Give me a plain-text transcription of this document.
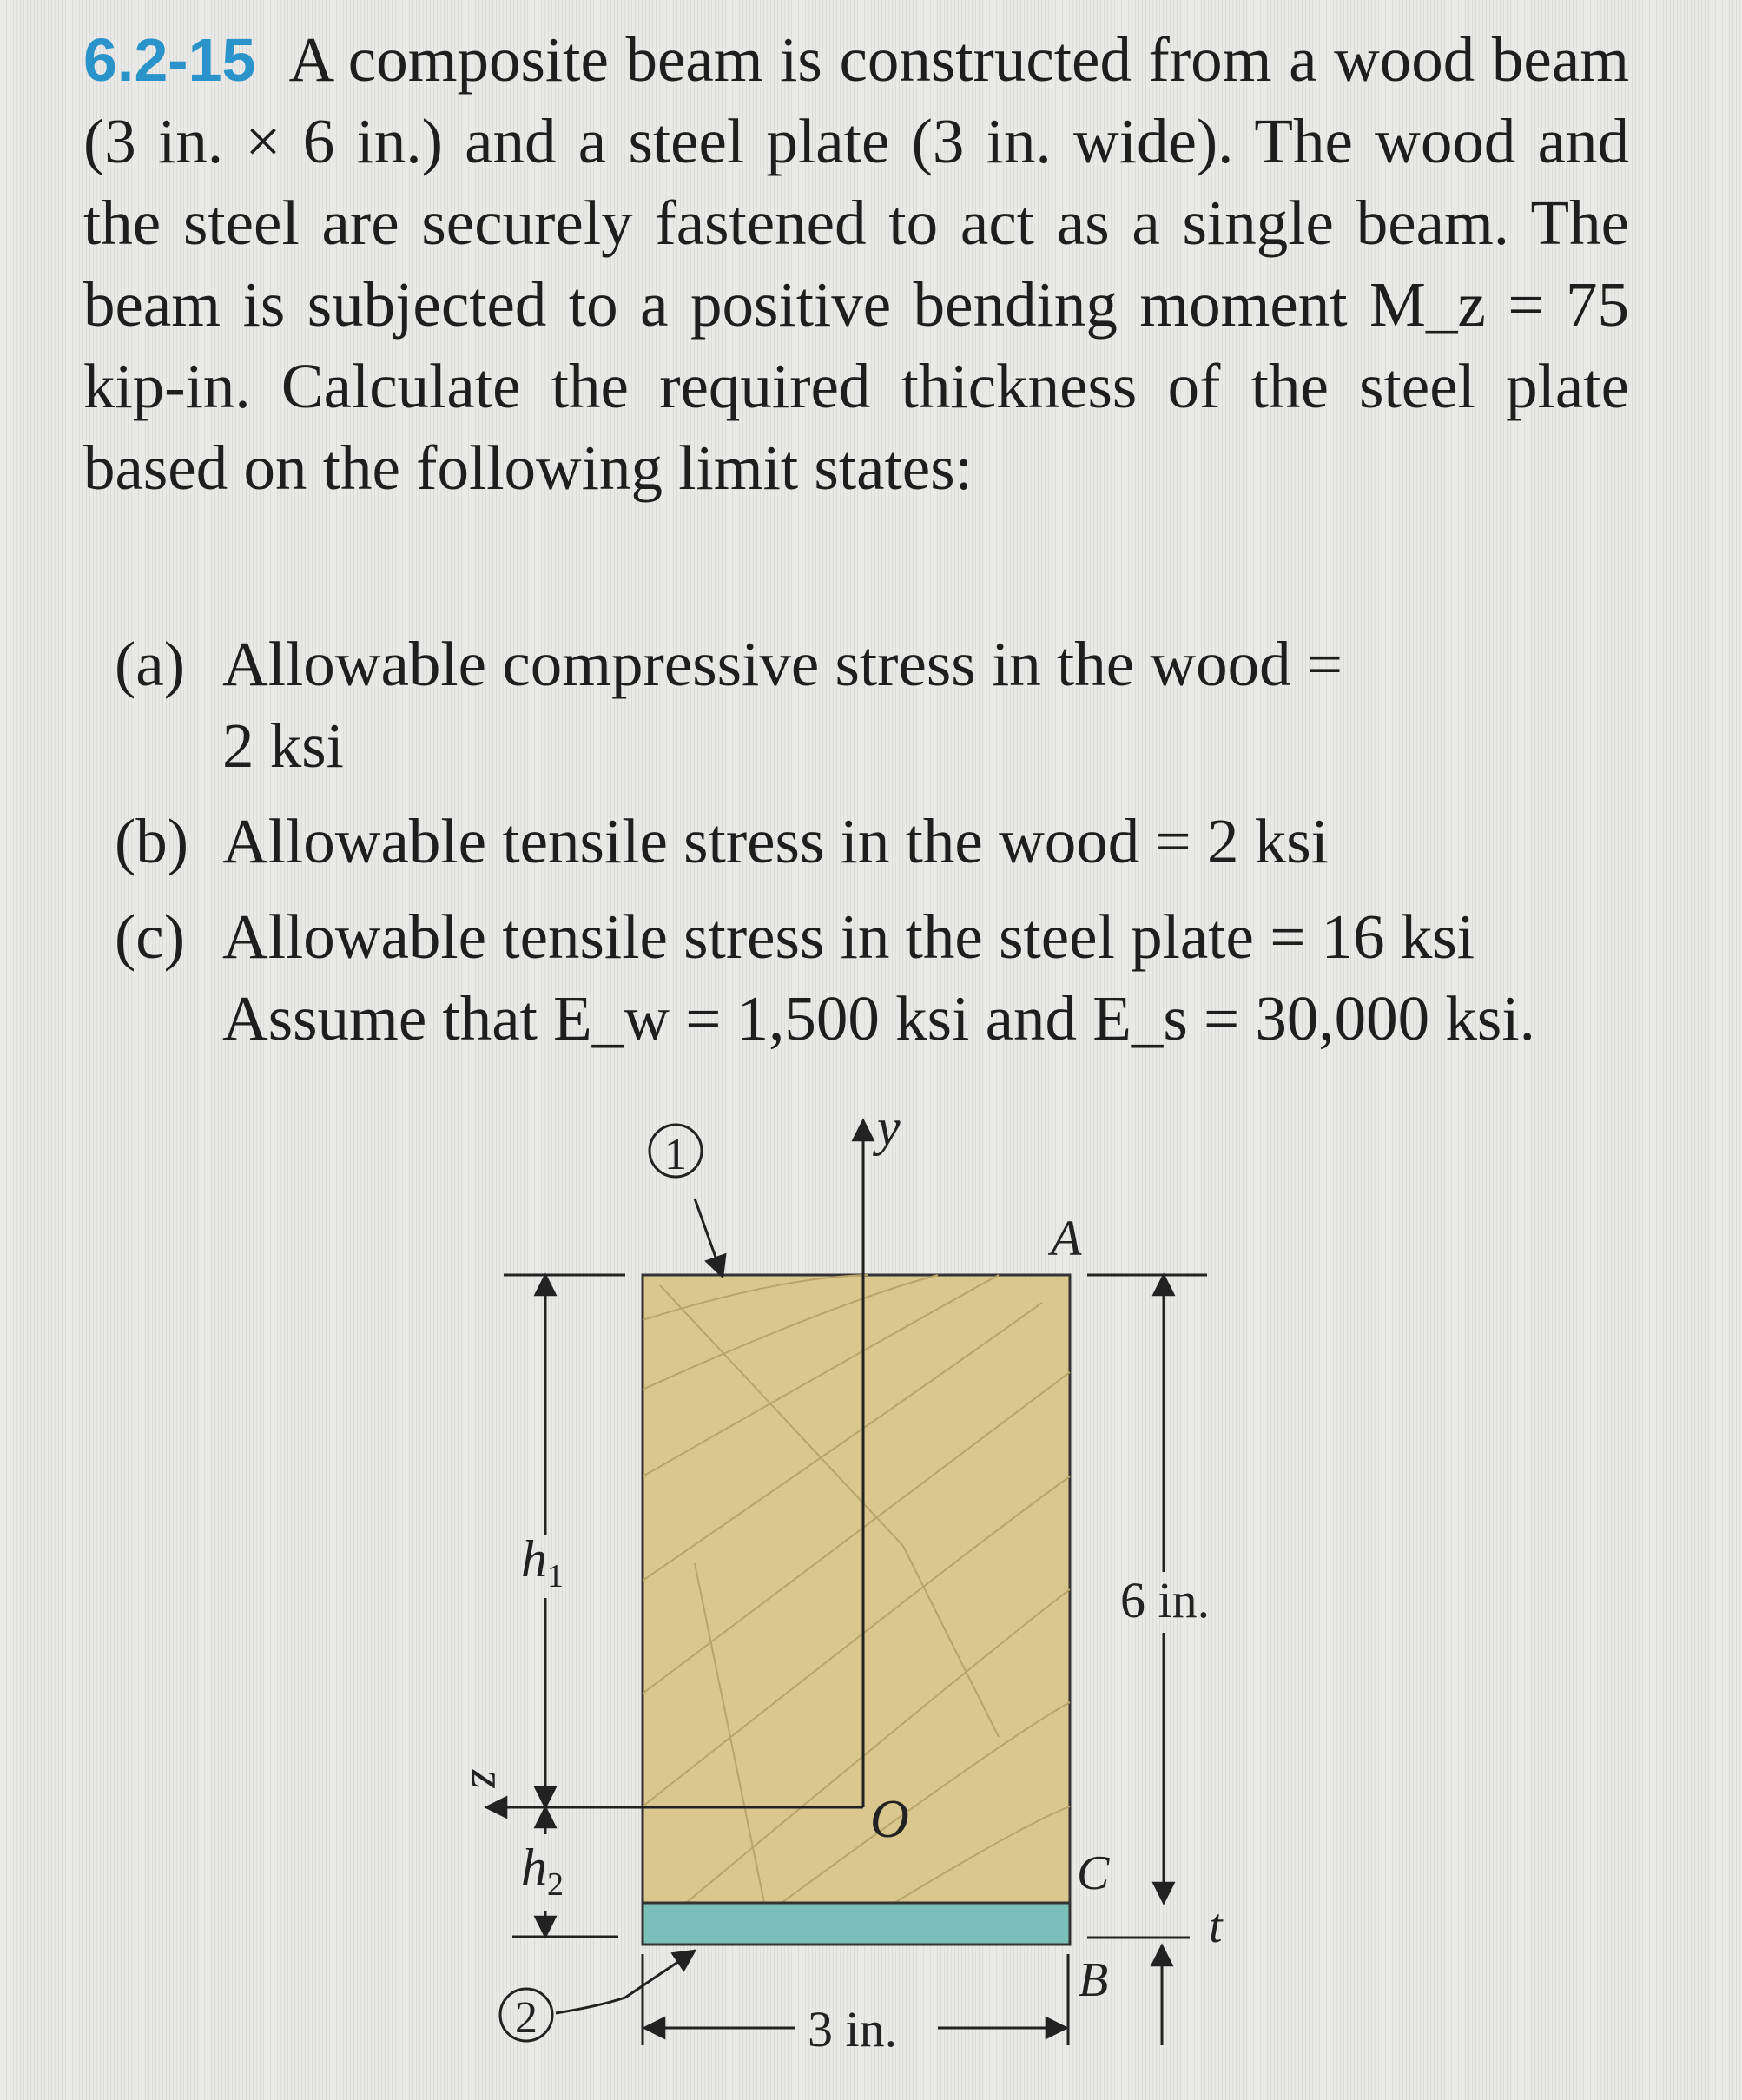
6.2-15 A composite beam is constructed from a wood beam (3 in. × 6 in.) and a steel plate (3 in. wide). The wood and the steel are securely fastened to act as a single beam. The beam is subjected to a positive bending moment M_z = 75 kip-in. Calculate the required thickness of the steel plate based on the following limit states:
(a) Allowable compressive stress in the wood = 2 ksi
(b) Allowable tensile stress in the wood = 2 ksi
(c) Allowable tensile stress in the steel plate = 16 ksi
Assume that E_w = 1,500 ksi and E_s = 30,000 ksi.
y
z
O
1
2
A
$h_1$
$h_2$
6 in.
C
B
t
3 in.
